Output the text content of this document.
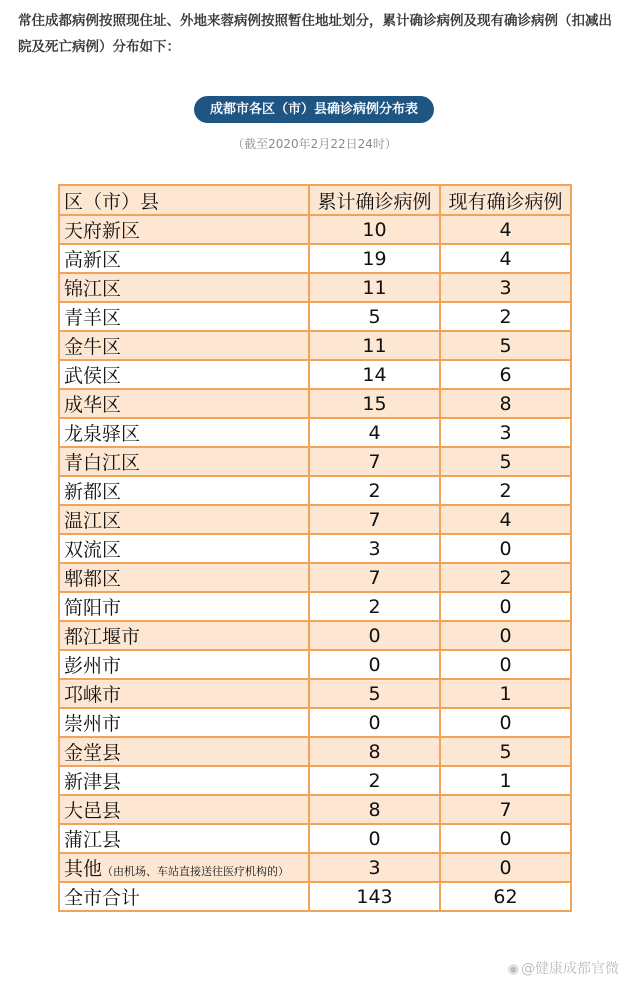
常住成都病例按照现住址、外地来蓉病例按照暂住地址划分，累计确诊病例及现有确诊病例（扣减出院及死亡病例）分布如下：
成都市各区（市）县确诊病例分布表
（截至2020年2月22日24时）
区（市）县	累计确诊病例	现有确诊病例
天府新区	10	4
高新区	19	4
锦江区	11	3
青羊区	5	2
金牛区	11	5
武侯区	14	6
成华区	15	8
龙泉驿区	4	3
青白江区	7	5
新都区	2	2
温江区	7	4
双流区	3	0
郫都区	7	2
简阳市	2	0
都江堰市	0	0
彭州市	0	0
邛崃市	5	1
崇州市	0	0
金堂县	8	5
新津县	2	1
大邑县	8	7
蒲江县	0	0
其他（由机场、车站直接送往医疗机构的）	3	0
全市合计	143	62
◉ @健康成都官微
